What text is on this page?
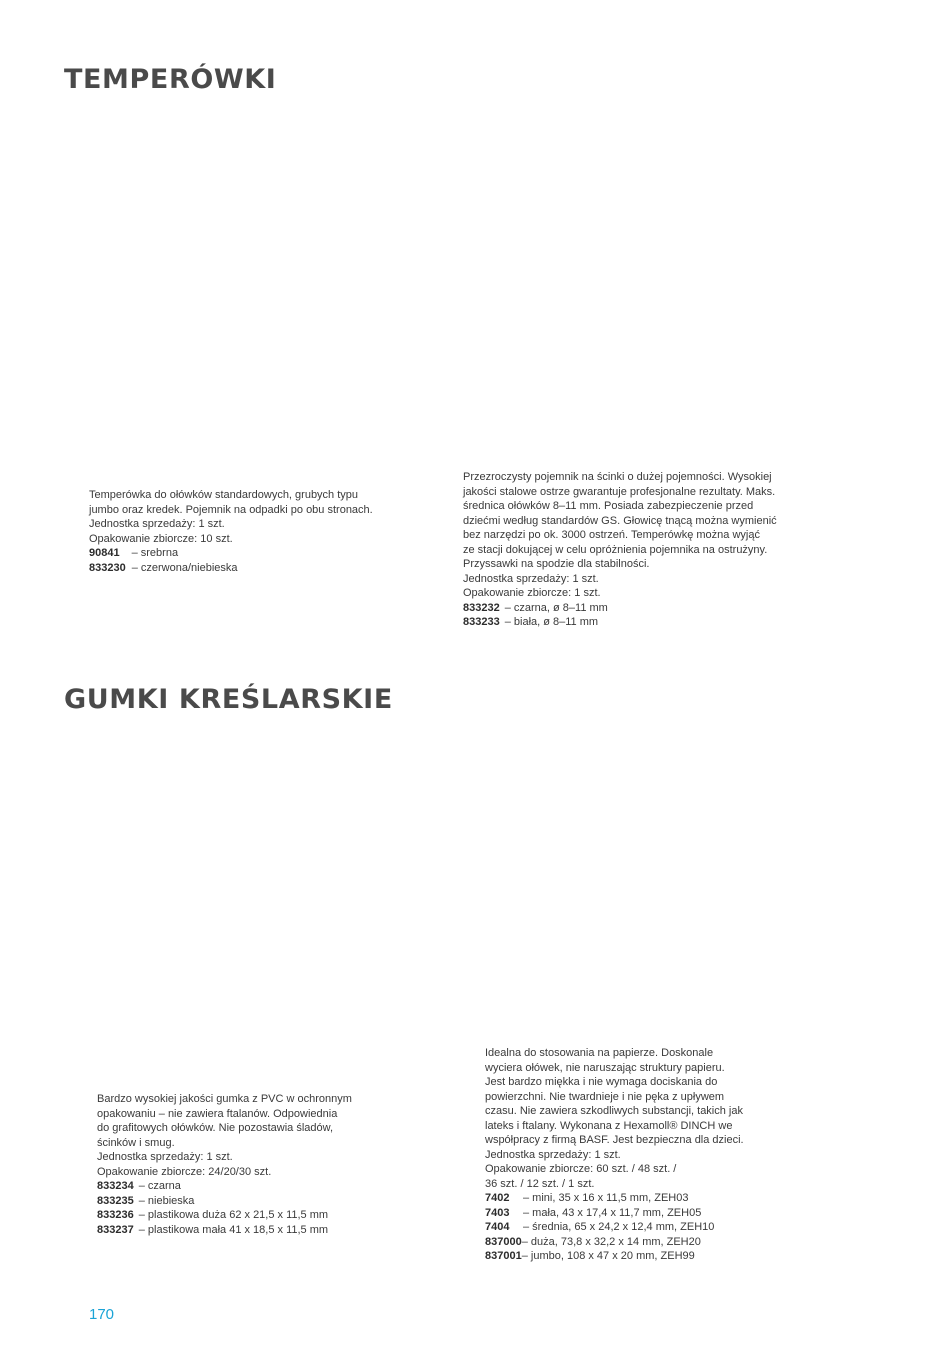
TEMPERÓWKI
Temperówka do ołówków standardowych, grubych typu
jumbo oraz kredek. Pojemnik na odpadki po obu stronach.
Jednostka sprzedaży: 1 szt.
Opakowanie zbiorcze: 10 szt.
90841 – srebrna
833230 – czerwona/niebieska
Przezroczysty pojemnik na ścinki o dużej pojemności. Wysokiej
jakości stalowe ostrze gwarantuje profesjonalne rezultaty. Maks.
średnica ołówków 8–11 mm. Posiada zabezpieczenie przed
dziećmi według standardów GS. Głowicę tnącą można wymienić
bez narzędzi po ok. 3000 ostrzeń. Temperówkę można wyjąć
ze stacji dokującej w celu opróżnienia pojemnika na ostrużyny.
Przyssawki na spodzie dla stabilności.
Jednostka sprzedaży: 1 szt.
Opakowanie zbiorcze: 1 szt.
833232 – czarna, ø 8–11 mm
833233 – biała, ø 8–11 mm
GUMKI KREŚLARSKIE
Bardzo wysokiej jakości gumka z PVC w ochronnym
opakowaniu – nie zawiera ftalanów. Odpowiednia
do grafitowych ołówków. Nie pozostawia śladów,
ścinków i smug.
Jednostka sprzedaży: 1 szt.
Opakowanie zbiorcze: 24/20/30 szt.
833234 – czarna
833235 – niebieska
833236 – plastikowa duża 62 x 21,5 x 11,5 mm
833237 – plastikowa mała 41 x 18,5 x 11,5 mm
Idealna do stosowania na papierze. Doskonale
wyciera ołówek, nie naruszając struktury papieru.
Jest bardzo miękka i nie wymaga dociskania do
powierzchni. Nie twardnieje i nie pęka z upływem
czasu. Nie zawiera szkodliwych substancji, takich jak
lateks i ftalany. Wykonana z Hexamoll® DINCH we
współpracy z firmą BASF. Jest bezpieczna dla dzieci.
Jednostka sprzedaży: 1 szt.
Opakowanie zbiorcze: 60 szt. / 48 szt. /
36 szt. / 12 szt. / 1 szt.
7402 – mini, 35 x 16 x 11,5 mm, ZEH03
7403 – mała, 43 x 17,4 x 11,7 mm, ZEH05
7404 – średnia, 65 x 24,2 x 12,4 mm, ZEH10
837000– duża, 73,8 x 32,2 x 14 mm, ZEH20
837001– jumbo, 108 x 47 x 20 mm, ZEH99
170
